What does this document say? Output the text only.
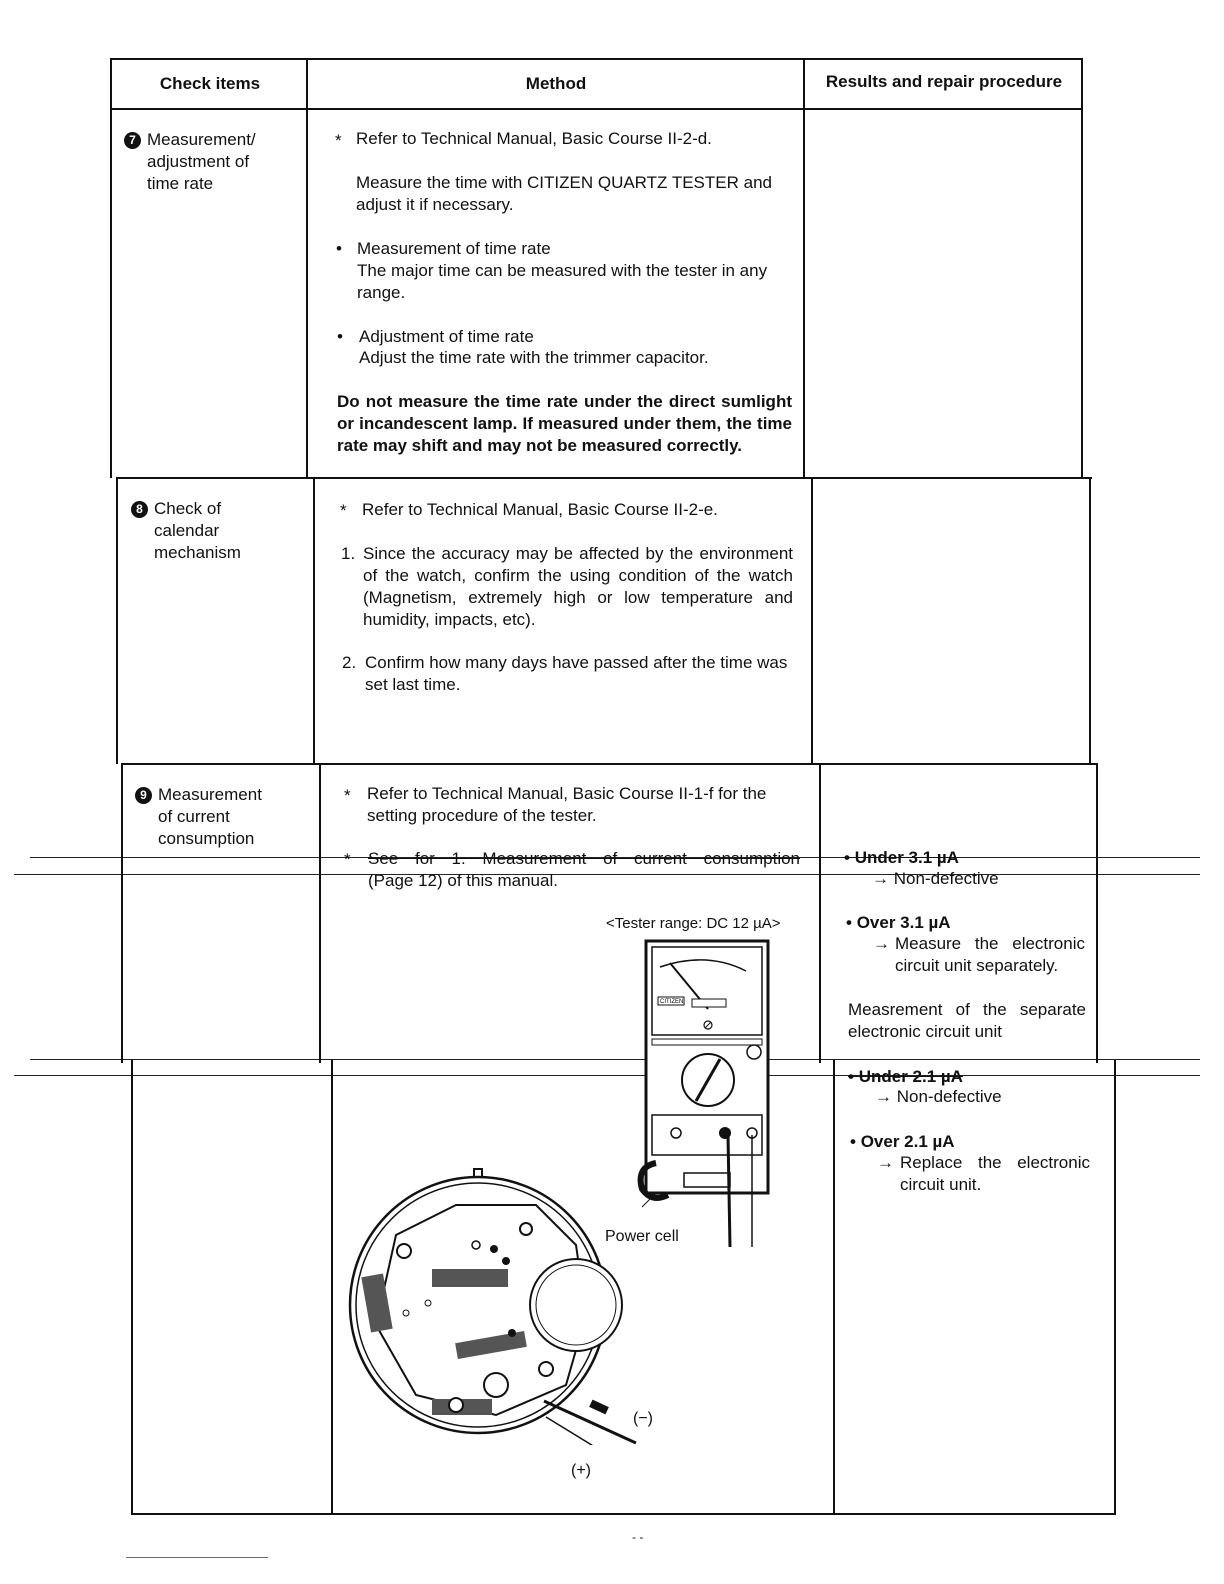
Check items	Method	Results and repair procedure
7 Measurement/
adjustment of
time rate
* Refer to Technical Manual, Basic Course II-2-d.
Measure the time with CITIZEN QUARTZ TESTER and adjust it if necessary.
• Measurement of time rate
The major time can be measured with the tester in any range.
• Adjustment of time rate
Adjust the time rate with the trimmer capacitor.
Do not measure the time rate under the direct sumlight or incandescent lamp. If measured under them, the time rate may shift and may not be measured correctly.
8 Check of
calendar
mechanism
* Refer to Technical Manual, Basic Course II-2-e.
1. Since the accuracy may be affected by the environment of the watch, confirm the using condition of the watch (Magnetism, extremely high or low temperature and humidity, impacts, etc).
2. Confirm how many days have passed after the time was set last time.
9 Measurement
of current
consumption
* Refer to Technical Manual, Basic Course II-1-f for the setting procedure of the tester.
* See for 1. Measurement of current consumption
(Page 12) of this manual.
<Tester range: DC 12 µA>
• Under 3.1 µA
→ Non-defective
• Over 3.1 µA
→ Measure the electronic
circuit unit separately.
Measrement of the separate
electronic circuit unit
• Under 2.1 µA
→ Non-defective
• Over 2.1 µA
→ Replace the electronic
circuit unit.
CITIZEN
Power cell
(−)
(+)
- -
